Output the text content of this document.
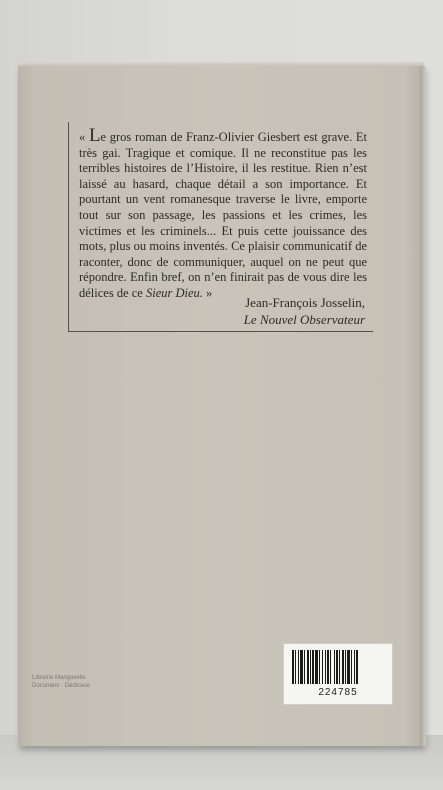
« Le gros roman de Franz-Olivier Giesbert est grave. Et très gai. Tragique et comique. Il ne reconstitue pas les terribles histoires de l’Histoire, il les restitue. Rien n’est laissé au hasard, chaque détail a son importance. Et pourtant un vent romanesque traverse le livre, emporte tout sur son passage, les passions et les crimes, les victimes et les criminels... Et puis cette jouissance des mots, plus ou moins inventés. Ce plaisir communicatif de raconter, donc de communiquer, auquel on ne peut que répondre. Enfin bref, on n’en finirait pas de vous dire les délices de ce Sieur Dieu. »

Jean-François Josselin,
Le Nouvel Observateur
Librairie Mangavelle
Document · Dédicace
224785
